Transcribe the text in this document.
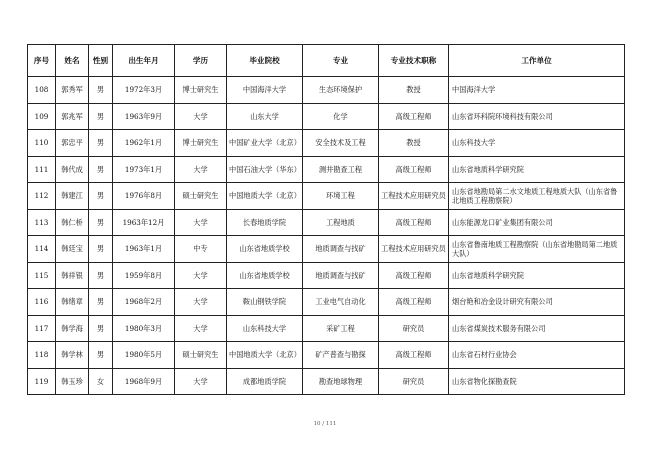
序号	姓名	性别	出生年月	学历	毕业院校	专业	专业技术职称	工作单位
108	郭秀军	男	1972年3月	博士研究生	中国海洋大学	生态环境保护	教授	中国海洋大学
109	郭兆军	男	1963年9月	大学	山东大学	化学	高级工程师	山东省环科院环境科技有限公司
110	郭忠平	男	1962年1月	博士研究生	中国矿业大学（北京）	安全技术及工程	教授	山东科技大学
111	韩代成	男	1973年1月	大学	中国石油大学（华东）	测井勘查工程	高级工程师	山东省地质科学研究院
112	韩建江	男	1976年8月	硕士研究生	中国地质大学（北京）	环境工程	工程技术应用研究员	山东省地勘局第二水文地质工程地质大队（山东省鲁北地质工程勘察院）
113	韩仁桥	男	1963年12月	大学	长春地质学院	工程地质	高级工程师	山东能源龙口矿业集团有限公司
114	韩廷宝	男	1963年1月	中专	山东省地质学校	地质调查与找矿	工程技术应用研究员	山东省鲁南地质工程勘察院（山东省地勘局第二地质大队）
115	韩祥银	男	1959年8月	大学	山东省地质学校	地质调查与找矿	高级工程师	山东省地质科学研究院
116	韩绪章	男	1968年2月	大学	鞍山钢铁学院	工业电气自动化	高级工程师	烟台艳和冶金设计研究有限公司
117	韩学海	男	1980年3月	大学	山东科技大学	采矿工程	研究员	山东省煤炭技术服务有限公司
118	韩学林	男	1980年5月	硕士研究生	中国地质大学（北京）	矿产普查与勘探	高级工程师	山东省石材行业协会
119	韩玉珍	女	1968年9月	大学	成都地质学院	勘查地球物理	研究员	山东省物化探勘查院
10 / 111
